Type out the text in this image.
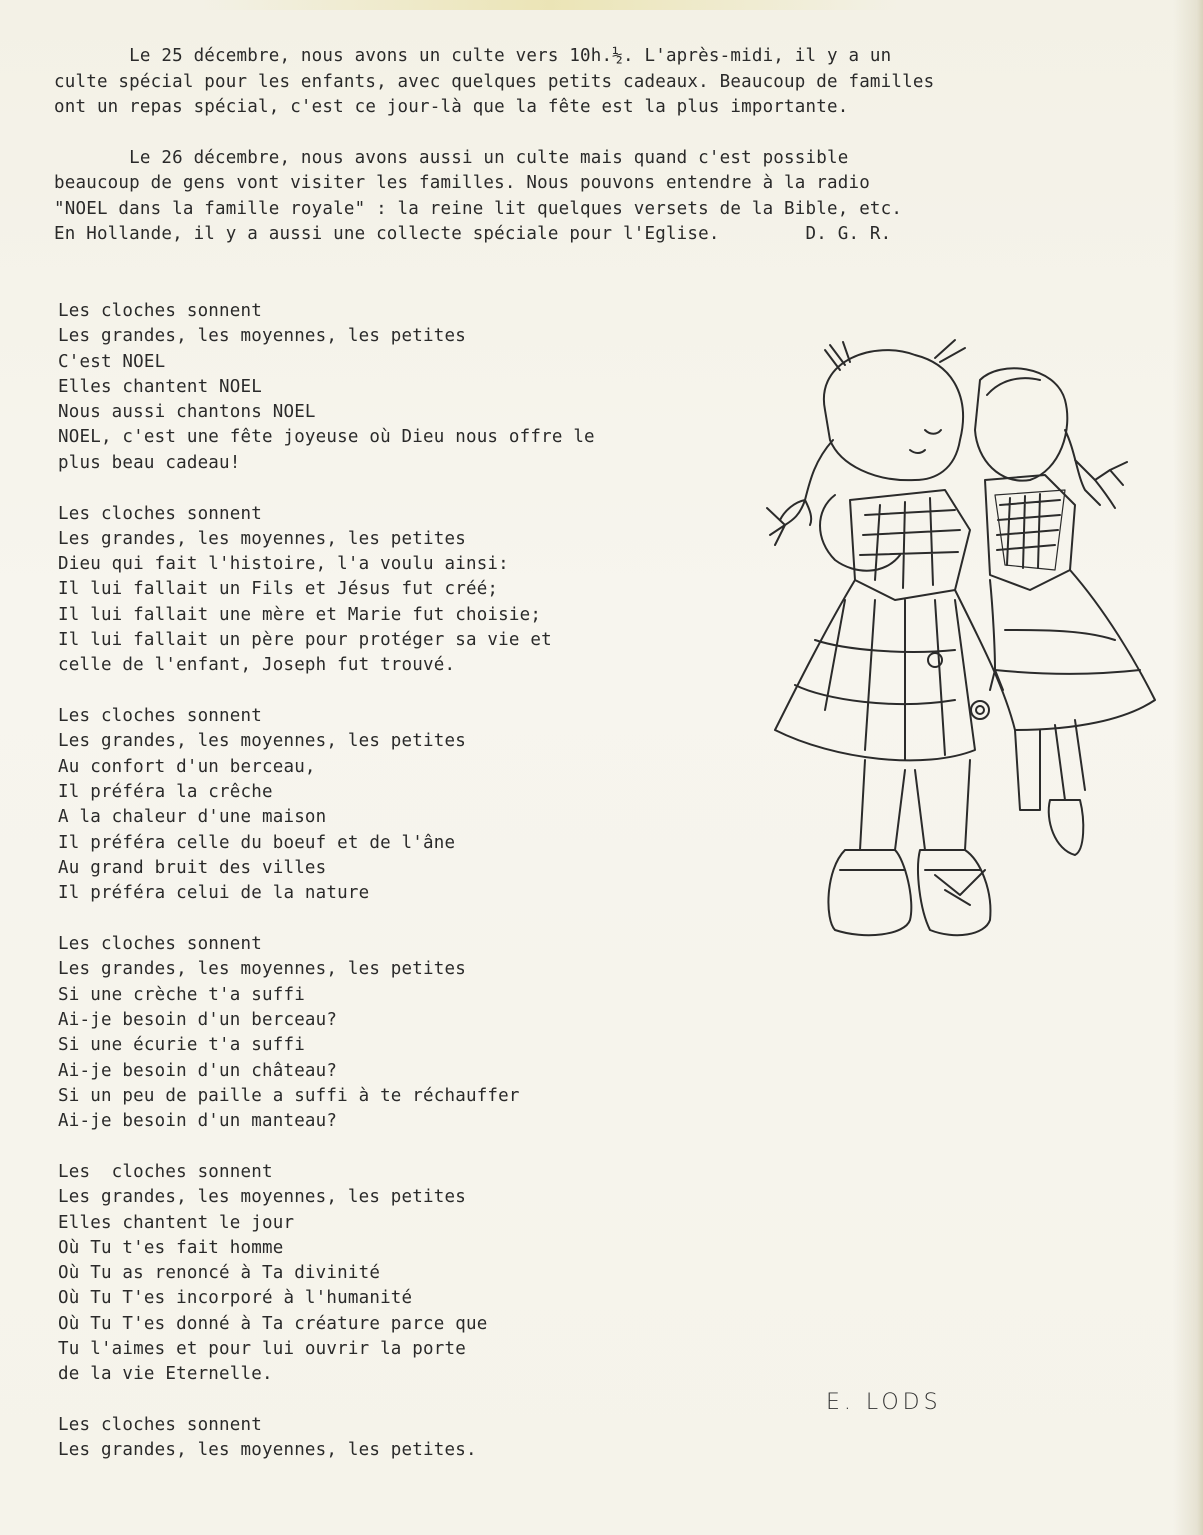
Le 25 décembre, nous avons un culte vers 10h.½. L'après-midi, il y a un

culte spécial pour les enfants, avec quelques petits cadeaux. Beaucoup de familles

ont un repas spécial, c'est ce jour-là que la fête est la plus importante.

Le 26 décembre, nous avons aussi un culte mais quand c'est possible

beaucoup de gens vont visiter les familles. Nous pouvons entendre à la radio

"NOEL dans la famille royale" : la reine lit quelques versets de la Bible, etc.

En Hollande, il y a aussi une collecte spéciale pour l'Eglise.        D. G. R.

Les cloches sonnent
Les grandes, les moyennes, les petites
C'est NOEL
Elles chantent NOEL
Nous aussi chantons NOEL
NOEL, c'est une fête joyeuse où Dieu nous offre le
plus beau cadeau!
Les cloches sonnent
Les grandes, les moyennes, les petites
Dieu qui fait l'histoire, l'a voulu ainsi:
Il lui fallait un Fils et Jésus fut créé;
Il lui fallait une mère et Marie fut choisie;
Il lui fallait un père pour protéger sa vie et
celle de l'enfant, Joseph fut trouvé.
Les cloches sonnent
Les grandes, les moyennes, les petites
Au confort d'un berceau,
Il préféra la crêche
A la chaleur d'une maison
Il préféra celle du boeuf et de l'âne
Au grand bruit des villes
Il préféra celui de la nature
Les cloches sonnent
Les grandes, les moyennes, les petites
Si une crèche t'a suffi
Ai-je besoin d'un berceau?
Si une écurie t'a suffi
Ai-je besoin d'un château?
Si un peu de paille a suffi à te réchauffer
Ai-je besoin d'un manteau?
Les  cloches sonnent
Les grandes, les moyennes, les petites
Elles chantent le jour
Où Tu t'es fait homme
Où Tu as renoncé à Ta divinité
Où Tu T'es incorporé à l'humanité
Où Tu T'es donné à Ta créature parce que
Tu l'aimes et pour lui ouvrir la porte
de la vie Eternelle.
Les cloches sonnent
Les grandes, les moyennes, les petites.
E. LODS
